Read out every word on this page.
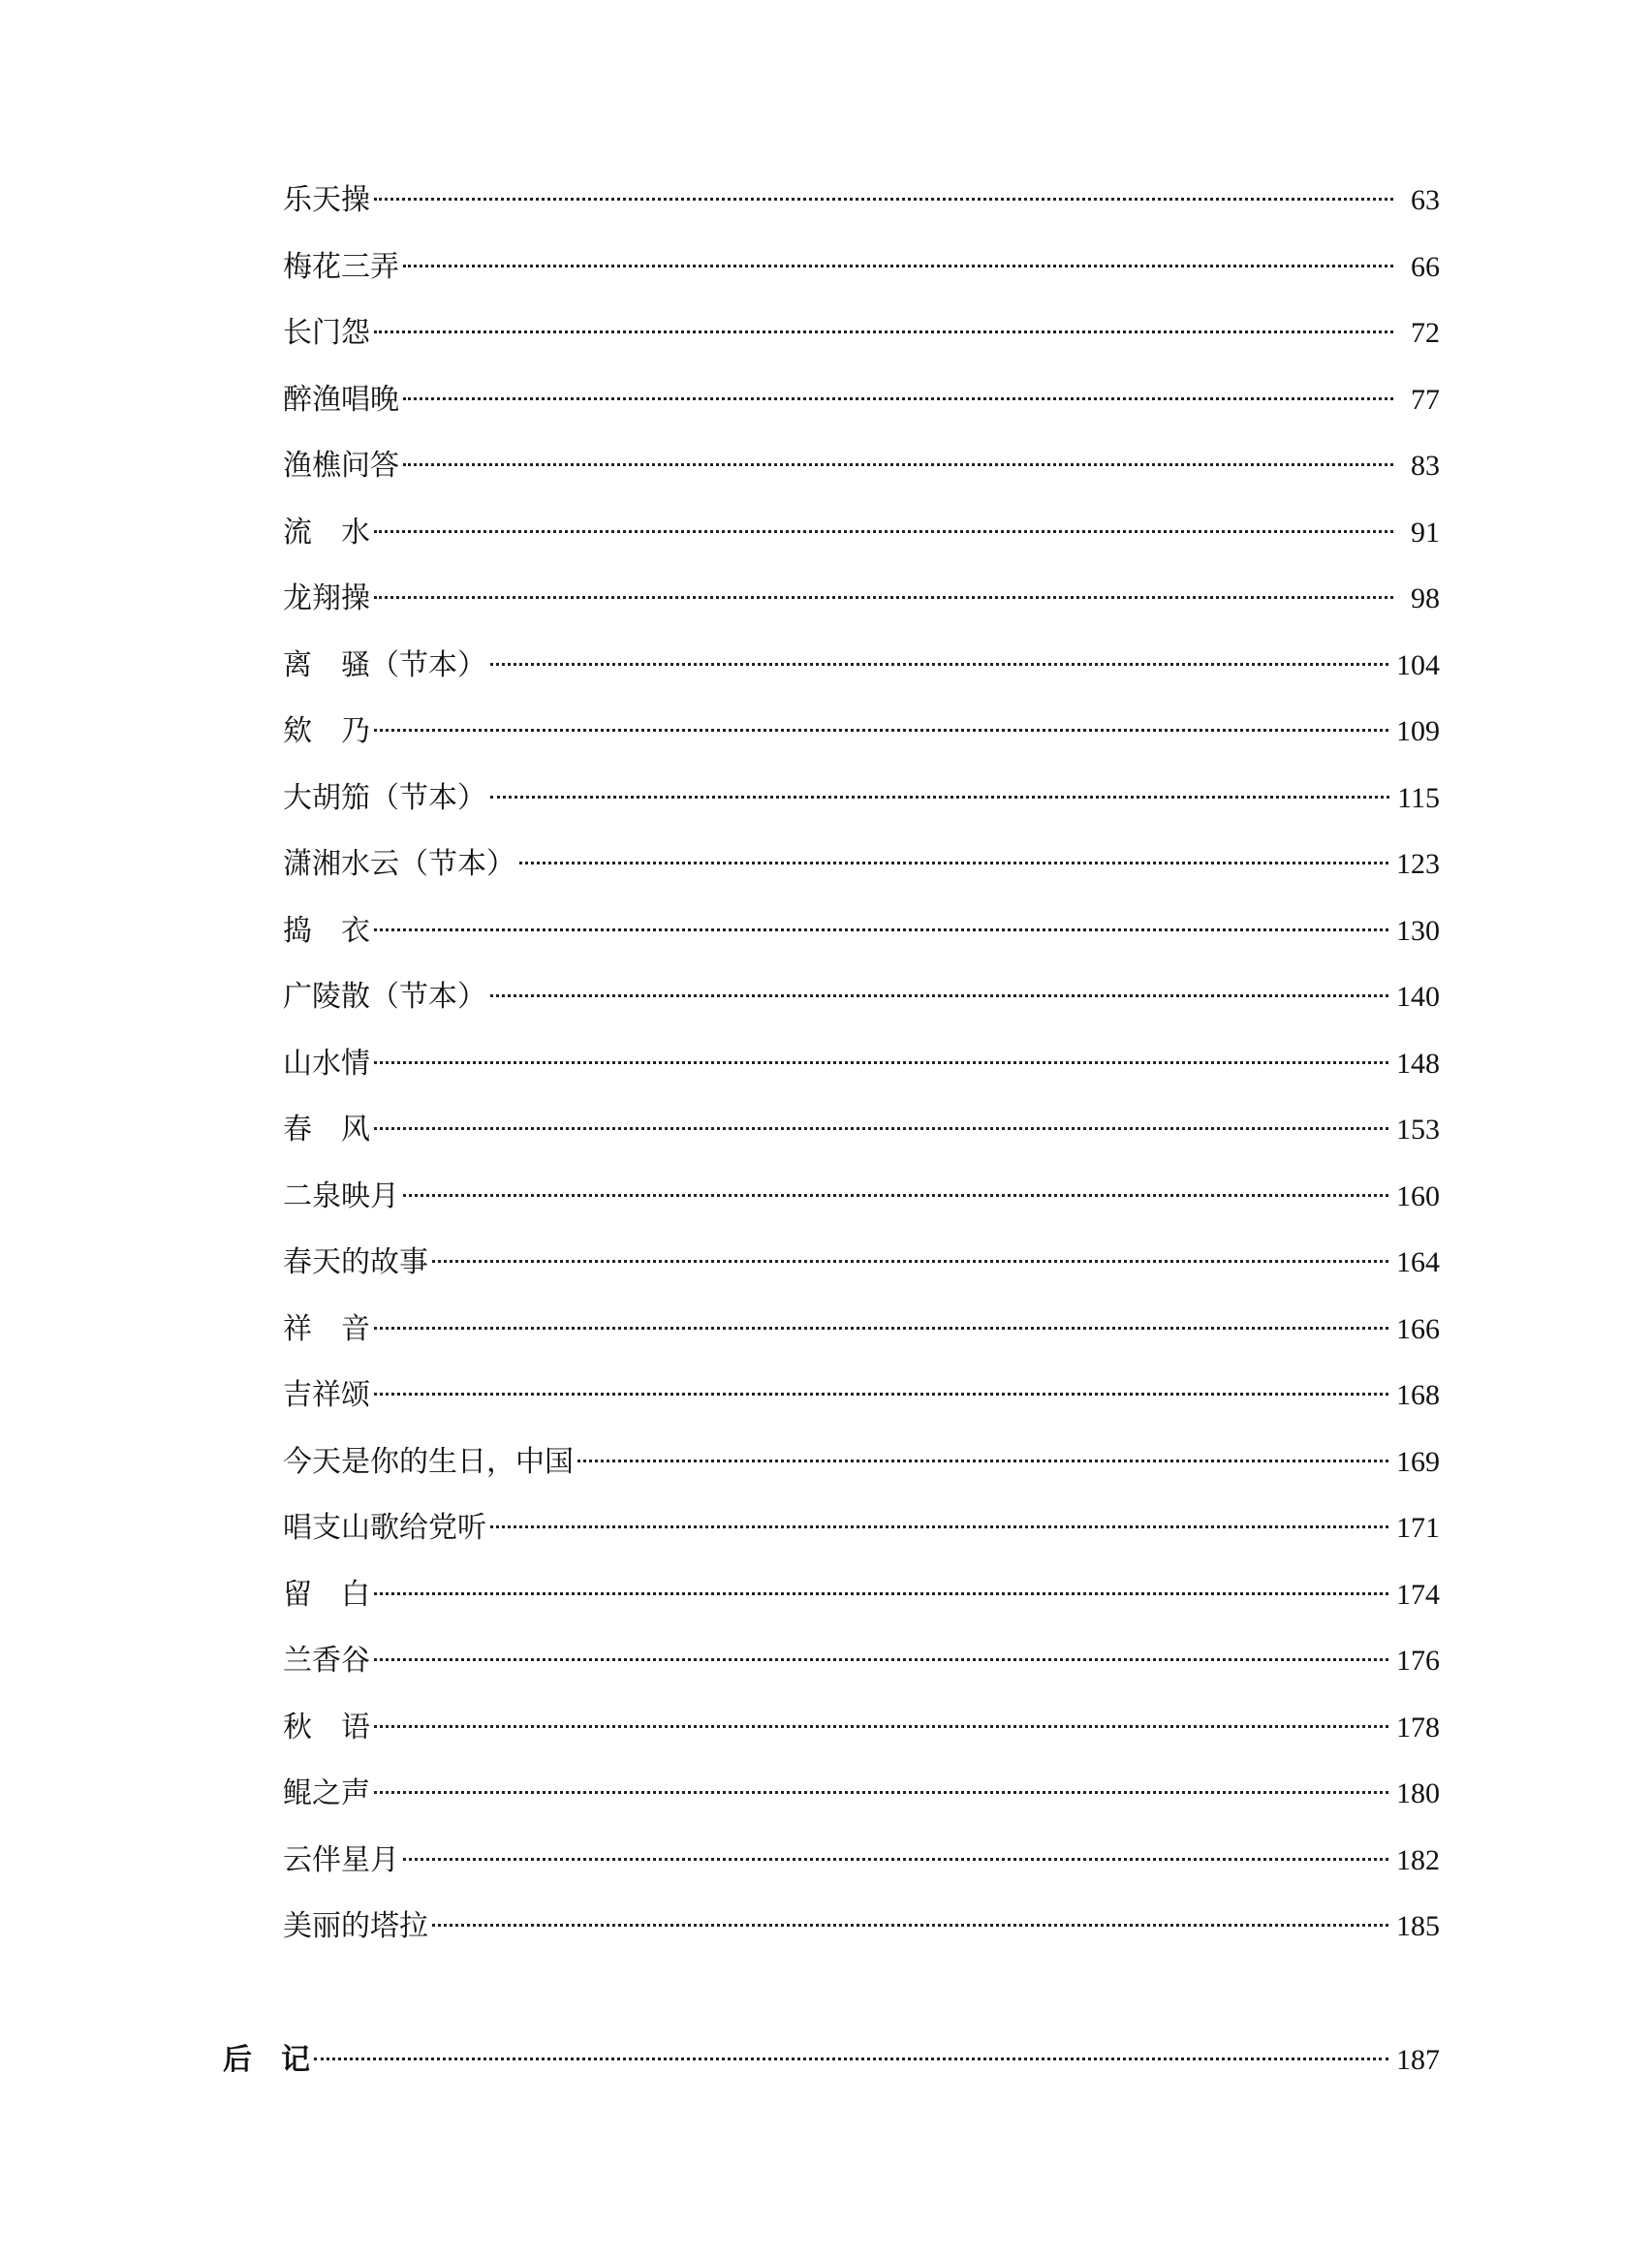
乐天操	63
梅花三弄	66
长门怨	72
醉渔唱晚	77
渔樵问答	83
流　水	91
龙翔操	98
离　骚（节本）	104
欸　乃	109
大胡笳（节本）	115
潇湘水云（节本）	123
捣　衣	130
广陵散（节本）	140
山水情	148
春　风	153
二泉映月	160
春天的故事	164
祥　音	166
吉祥颂	168
今天是你的生日，中国	169
唱支山歌给党听	171
留　白	174
兰香谷	176
秋　语	178
鲲之声	180
云伴星月	182
美丽的塔拉	185
后　记	187
